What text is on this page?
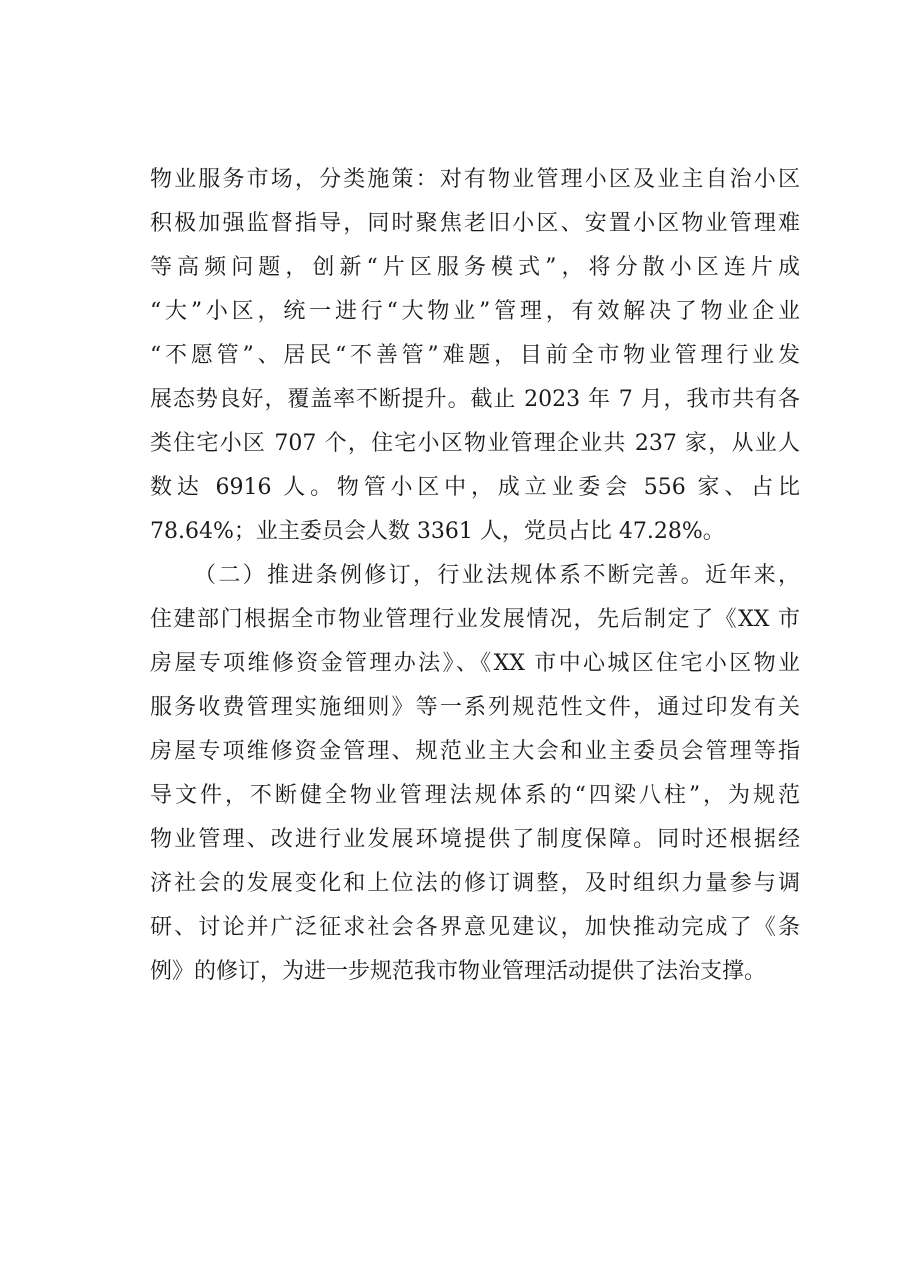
物业服务市场，分类施策：对有物业管理小区及业主自治小区
积极加强监督指导，同时聚焦老旧小区、安置小区物业管理难
等高频问题，创新“片区服务模式”，将分散小区连片成
“大”小区，统一进行“大物业”管理，有效解决了物业企业
“不愿管”、居民“不善管”难题，目前全市物业管理行业发
展态势良好，覆盖率不断提升。截止 2023 年 7 月，我市共有各
类住宅小区 707 个，住宅小区物业管理企业共 237 家，从业人
数达 6916 人。物管小区中，成立业委会 556 家、占比
78.64%；业主委员会人数 3361 人，党员占比 47.28%。
（二）推进条例修订，行业法规体系不断完善。近年来，
住建部门根据全市物业管理行业发展情况，先后制定了《XX 市
房屋专项维修资金管理办法》、《XX 市中心城区住宅小区物业
服务收费管理实施细则》等一系列规范性文件，通过印发有关
房屋专项维修资金管理、规范业主大会和业主委员会管理等指
导文件，不断健全物业管理法规体系的“四梁八柱”，为规范
物业管理、改进行业发展环境提供了制度保障。同时还根据经
济社会的发展变化和上位法的修订调整，及时组织力量参与调
研、讨论并广泛征求社会各界意见建议，加快推动完成了《条
例》的修订，为进一步规范我市物业管理活动提供了法治支撑。
